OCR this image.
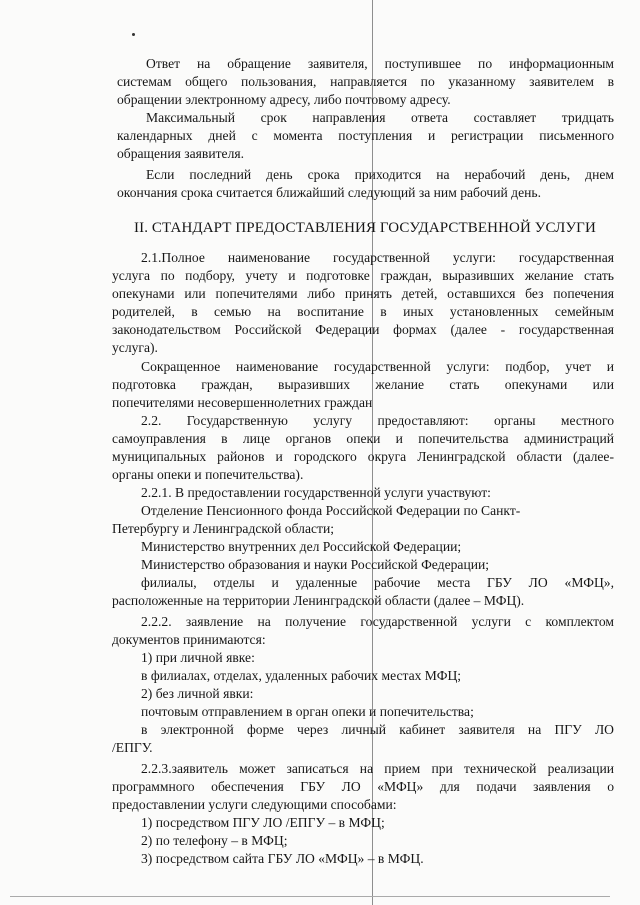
Ответ на обращение заявителя, поступившее по информационным
системам общего пользования, направляется по указанному заявителем в
обращении электронному адресу, либо почтовому адресу.
Максимальный срок направления ответа составляет тридцать
календарных дней с момента поступления и регистрации письменного
обращения заявителя.
Если последний день срока приходится на нерабочий день, днем
окончания срока считается ближайший следующий за ним рабочий день.
II. СТАНДАРТ ПРЕДОСТАВЛЕНИЯ ГОСУДАРСТВЕННОЙ УСЛУГИ
2.1.Полное наименование государственной услуги: государственная
услуга по подбору, учету и подготовке граждан, выразивших желание стать
опекунами или попечителями либо принять детей, оставшихся без попечения
родителей, в семью на воспитание в иных установленных семейным
законодательством Российской Федерации формах (далее - государственная
услуга).
Сокращенное наименование государственной услуги: подбор, учет и
подготовка граждан, выразивших желание стать опекунами или
попечителями несовершеннолетних граждан
2.2. Государственную услугу предоставляют: органы местного
самоуправления в лице органов опеки и попечительства администраций
муниципальных районов и городского округа Ленинградской области (далее-
органы опеки и попечительства).
2.2.1. В предоставлении государственной услуги участвуют:
Отделение Пенсионного фонда Российской Федерации по Санкт-
Петербургу и Ленинградской области;
Министерство внутренних дел Российской Федерации;
Министерство образования и науки Российской Федерации;
филиалы, отделы и удаленные рабочие места ГБУ ЛО «МФЦ»,
расположенные на территории Ленинградской области (далее – МФЦ).
2.2.2. заявление на получение государственной услуги с комплектом
документов принимаются:
1) при личной явке:
в филиалах, отделах, удаленных рабочих местах МФЦ;
2) без личной явки:
почтовым отправлением в орган опеки и попечительства;
в электронной форме через личный кабинет заявителя на ПГУ ЛО
/ЕПГУ.
2.2.3.заявитель может записаться на прием при технической реализации
программного обеспечения ГБУ ЛО «МФЦ» для подачи заявления о
предоставлении услуги следующими способами:
1) посредством ПГУ ЛО /ЕПГУ – в МФЦ;
2) по телефону – в МФЦ;
3) посредством сайта ГБУ ЛО «МФЦ» – в МФЦ.
